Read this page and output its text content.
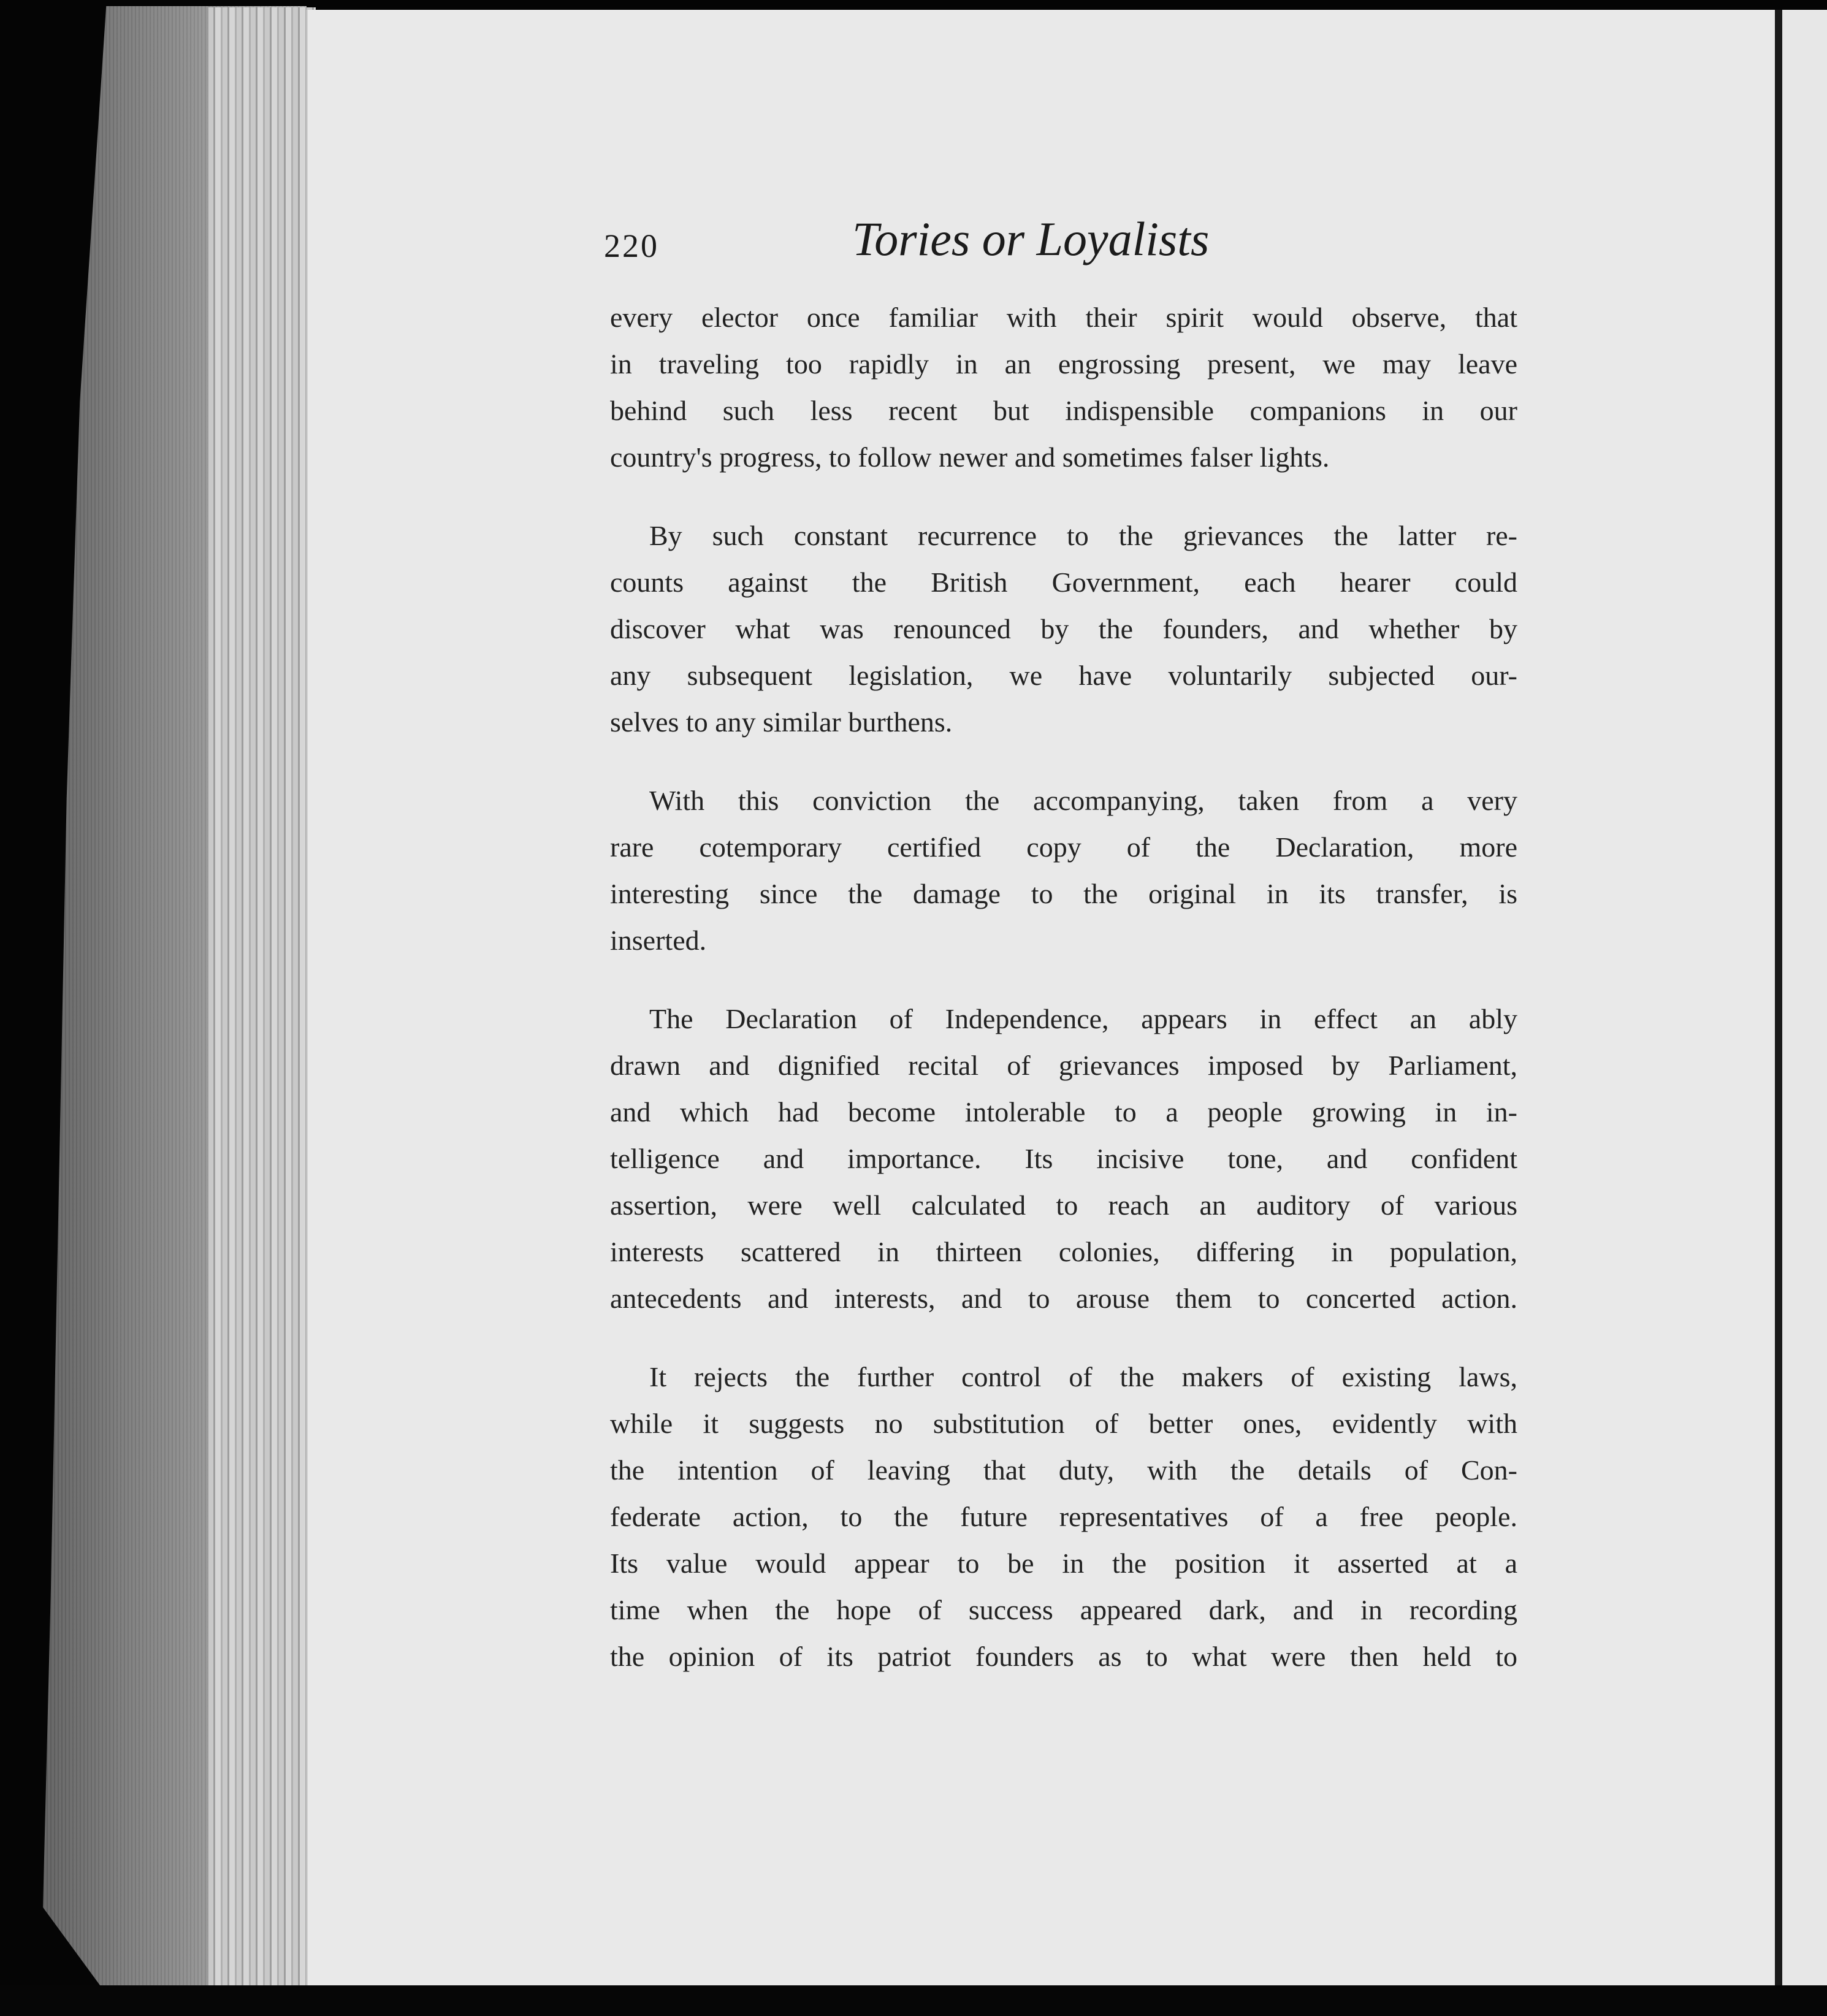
220	Tories or Loyalists

every elector once familiar with their spirit would observe, that
in traveling too rapidly in an engrossing present, we may leave
behind such less recent but indispensible companions in our
country's progress, to follow newer and sometimes falser lights.

By such constant recurrence to the grievances the latter re-
counts against the British Government, each hearer could
discover what was renounced by the founders, and whether by
any subsequent legislation, we have voluntarily subjected our-
selves to any similar burthens.

With this conviction the accompanying, taken from a very
rare cotemporary certified copy of the Declaration, more
interesting since the damage to the original in its transfer, is
inserted.

The Declaration of Independence, appears in effect an ably
drawn and dignified recital of grievances imposed by Parliament,
and which had become intolerable to a people growing in in-
telligence and importance. Its incisive tone, and confident
assertion, were well calculated to reach an auditory of various
interests scattered in thirteen colonies, differing in population,
antecedents and interests, and to arouse them to concerted action.

It rejects the further control of the makers of existing laws,
while it suggests no substitution of better ones, evidently with
the intention of leaving that duty, with the details of Con-
federate action, to the future representatives of a free people.
Its value would appear to be in the position it asserted at a
time when the hope of success appeared dark, and in recording
the opinion of its patriot founders as to what were then held to
